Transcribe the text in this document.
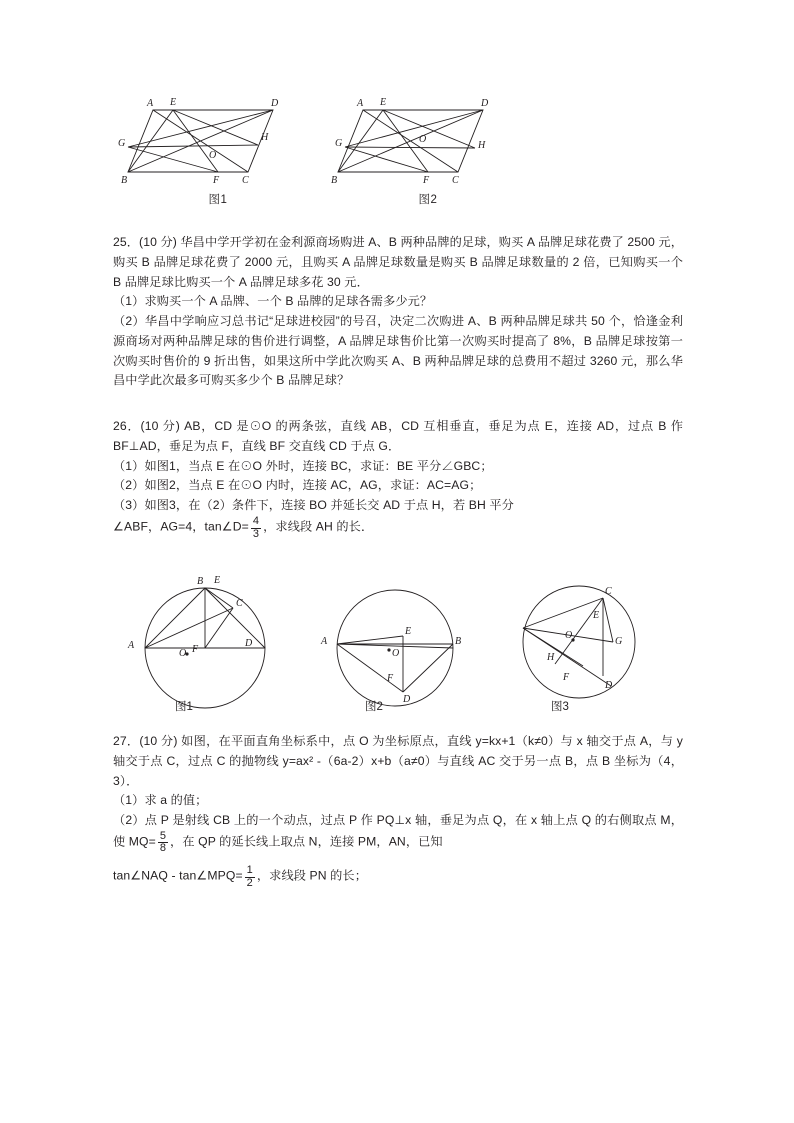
A E	D
H
G
O
B	F C
图1
A E	D
G	O
H
B	F C
图2

25．(10 分) 华昌中学开学初在金利源商场购进 A、B 两种品牌的足球，购买 A 品牌足球花费了 2500 元，购买 B 品牌足球花费了 2000 元，且购买 A 品牌足球数量是购买 B 品牌足球数量的 2 倍，已知购买一个 B 品牌足球比购买一个 A 品牌足球多花 30 元．

（1）求购买一个 A 品牌、一个 B 品牌的足球各需多少元？

（2）华昌中学响应习总书记“足球进校园”的号召，决定二次购进 A、B 两种品牌足球共 50 个，恰逢金利源商场对两种品牌足球的售价进行调整，A 品牌足球售价比第一次购买时提高了 8%，B 品牌足球按第一次购买时售价的 9 折出售，如果这所中学此次购买 A、B 两种品牌足球的总费用不超过 3260 元，那么华昌中学此次最多可购买多少个 B 品牌足球？

26．(10 分) AB，CD 是⊙O 的两条弦，直线 AB，CD 互相垂直，垂足为点 E，连接 AD，过点 B 作 BF⊥AD，垂足为点 F，直线 BF 交直线 CD 于点 G．

（1）如图1，当点 E 在⊙O 外时，连接 BC，求证：BE 平分∠GBC；

（2）如图2，当点 E 在⊙O 内时，连接 AC，AG，求证：AC=AG；

（3）如图3，在（2）条件下，连接 BO 并延长交 AD 于点 H，若 BH 平分

∠ABF，AG=4，tan∠D= $\frac{4}{3}$ ，求线段 AH 的长．

B E
C
A	D
F
O
图1
A
E
B
O
F
D
图2
C
E
O
G
H
F
D
图3

27．(10 分) 如图，在平面直角坐标系中，点 O 为坐标原点，直线 y=kx+1（k≠0）与 x 轴交于点 A，与 y 轴交于点 C，过点 C 的抛物线 y=ax² -（6a-2）x+b（a≠0）与直线 AC 交于另一点 B，点 B 坐标为（4，3）．

（1）求 a 的值；

（2）点 P 是射线 CB 上的一个动点，过点 P 作 PQ⊥x 轴，垂足为点 Q，在 x 轴上点 Q 的右侧取点 M，使 $MQ= \frac{5}{8}$ ，在 QP 的延长线上取点 N，连接 PM，AN，已知

tan∠NAQ - tan∠MPQ= $\frac{1}{2}$ ，求线段 PN 的长；
